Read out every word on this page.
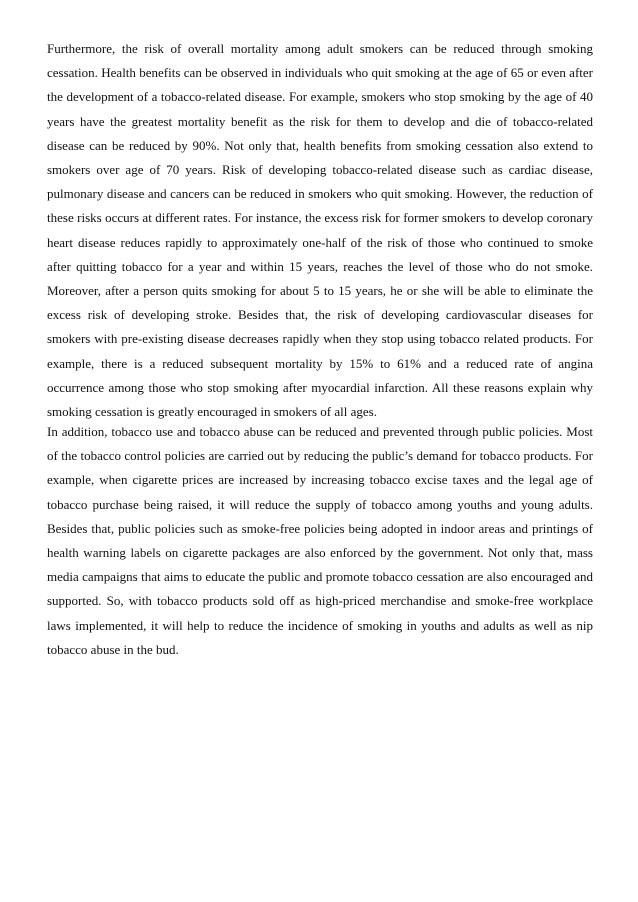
Furthermore, the risk of overall mortality among adult smokers can be reduced through smoking cessation. Health benefits can be observed in individuals who quit smoking at the age of 65 or even after the development of a tobacco-related disease. For example, smokers who stop smoking by the age of 40 years have the greatest mortality benefit as the risk for them to develop and die of tobacco-related disease can be reduced by 90%. Not only that, health benefits from smoking cessation also extend to smokers over age of 70 years. Risk of developing tobacco-related disease such as cardiac disease, pulmonary disease and cancers can be reduced in smokers who quit smoking. However, the reduction of these risks occurs at different rates. For instance, the excess risk for former smokers to develop coronary heart disease reduces rapidly to approximately one-half of the risk of those who continued to smoke after quitting tobacco for a year and within 15 years, reaches the level of those who do not smoke. Moreover, after a person quits smoking for about 5 to 15 years, he or she will be able to eliminate the excess risk of developing stroke. Besides that, the risk of developing cardiovascular diseases for smokers with pre-existing disease decreases rapidly when they stop using tobacco related products. For example, there is a reduced subsequent mortality by 15% to 61% and a reduced rate of angina occurrence among those who stop smoking after myocardial infarction. All these reasons explain why smoking cessation is greatly encouraged in smokers of all ages.

In addition, tobacco use and tobacco abuse can be reduced and prevented through public policies. Most of the tobacco control policies are carried out by reducing the public’s demand for tobacco products. For example, when cigarette prices are increased by increasing tobacco excise taxes and the legal age of tobacco purchase being raised, it will reduce the supply of tobacco among youths and young adults. Besides that, public policies such as smoke-free policies being adopted in indoor areas and printings of health warning labels on cigarette packages are also enforced by the government. Not only that, mass media campaigns that aims to educate the public and promote tobacco cessation are also encouraged and supported. So, with tobacco products sold off as high-priced merchandise and smoke-free workplace laws implemented, it will help to reduce the incidence of smoking in youths and adults as well as nip tobacco abuse in the bud.
